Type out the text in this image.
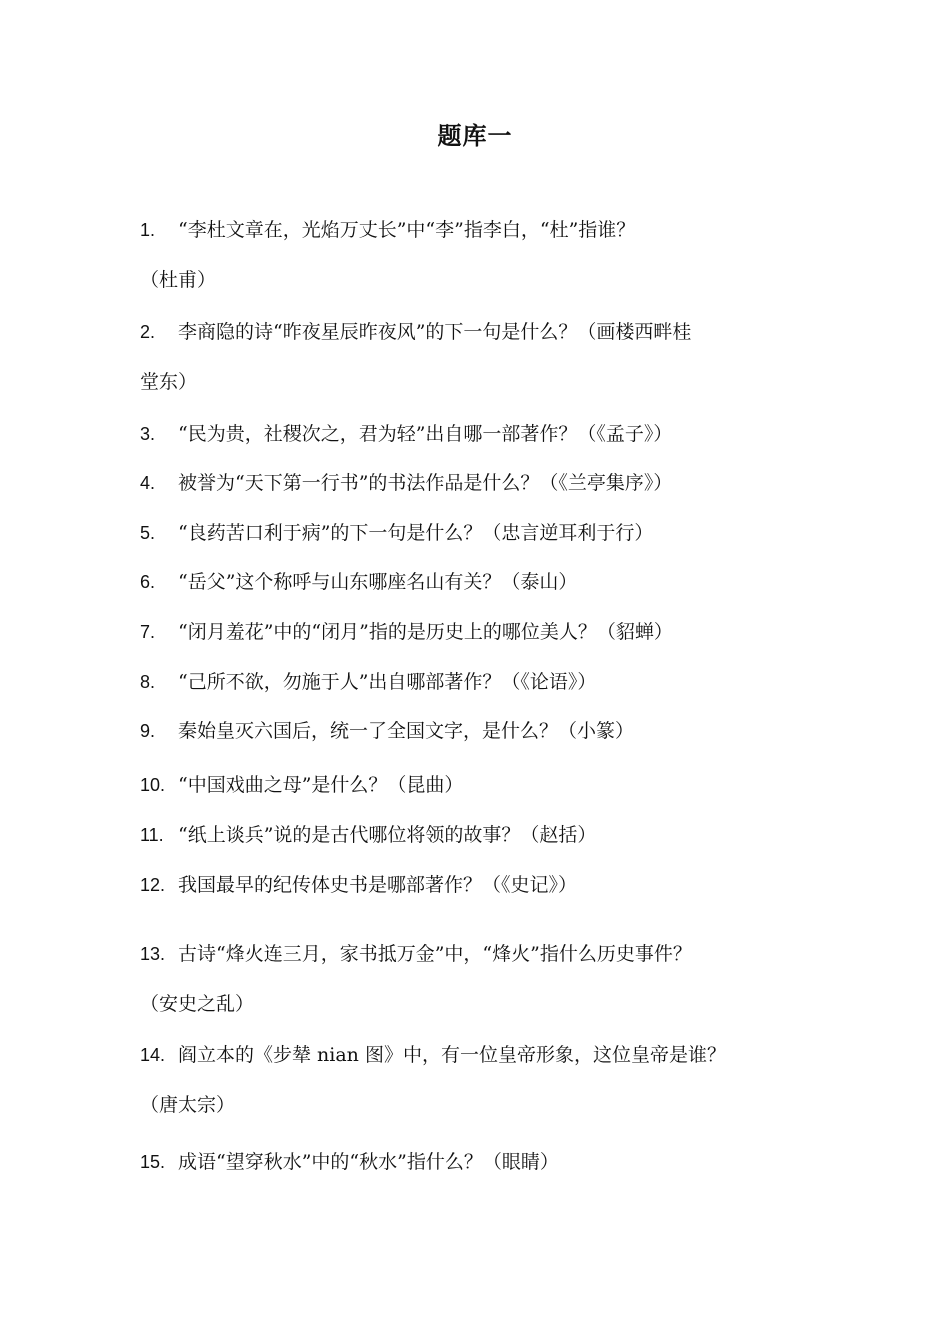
题库一
1. “李杜文章在，光焰万丈长”中“李”指李白，“杜”指谁？
（杜甫）
2. 李商隐的诗“昨夜星辰昨夜风”的下一句是什么？（画楼西畔桂
堂东）
3. “民为贵，社稷次之，君为轻”出自哪一部著作？（《孟子》）
4. 被誉为“天下第一行书”的书法作品是什么？（《兰亭集序》）
5. “良药苦口利于病”的下一句是什么？（忠言逆耳利于行）
6. “岳父”这个称呼与山东哪座名山有关？（泰山）
7. “闭月羞花”中的“闭月”指的是历史上的哪位美人？（貂蝉）
8. “己所不欲，勿施于人”出自哪部著作？（《论语》）
9. 秦始皇灭六国后，统一了全国文字，是什么？（小篆）
10. “中国戏曲之母”是什么？（昆曲）
11. “纸上谈兵”说的是古代哪位将领的故事？（赵括）
12. 我国最早的纪传体史书是哪部著作？（《史记》）
13. 古诗“烽火连三月，家书抵万金”中，“烽火”指什么历史事件？
（安史之乱）
14. 阎立本的《步辇 nian 图》中，有一位皇帝形象，这位皇帝是谁？
（唐太宗）
15. 成语“望穿秋水”中的“秋水”指什么？（眼睛）
